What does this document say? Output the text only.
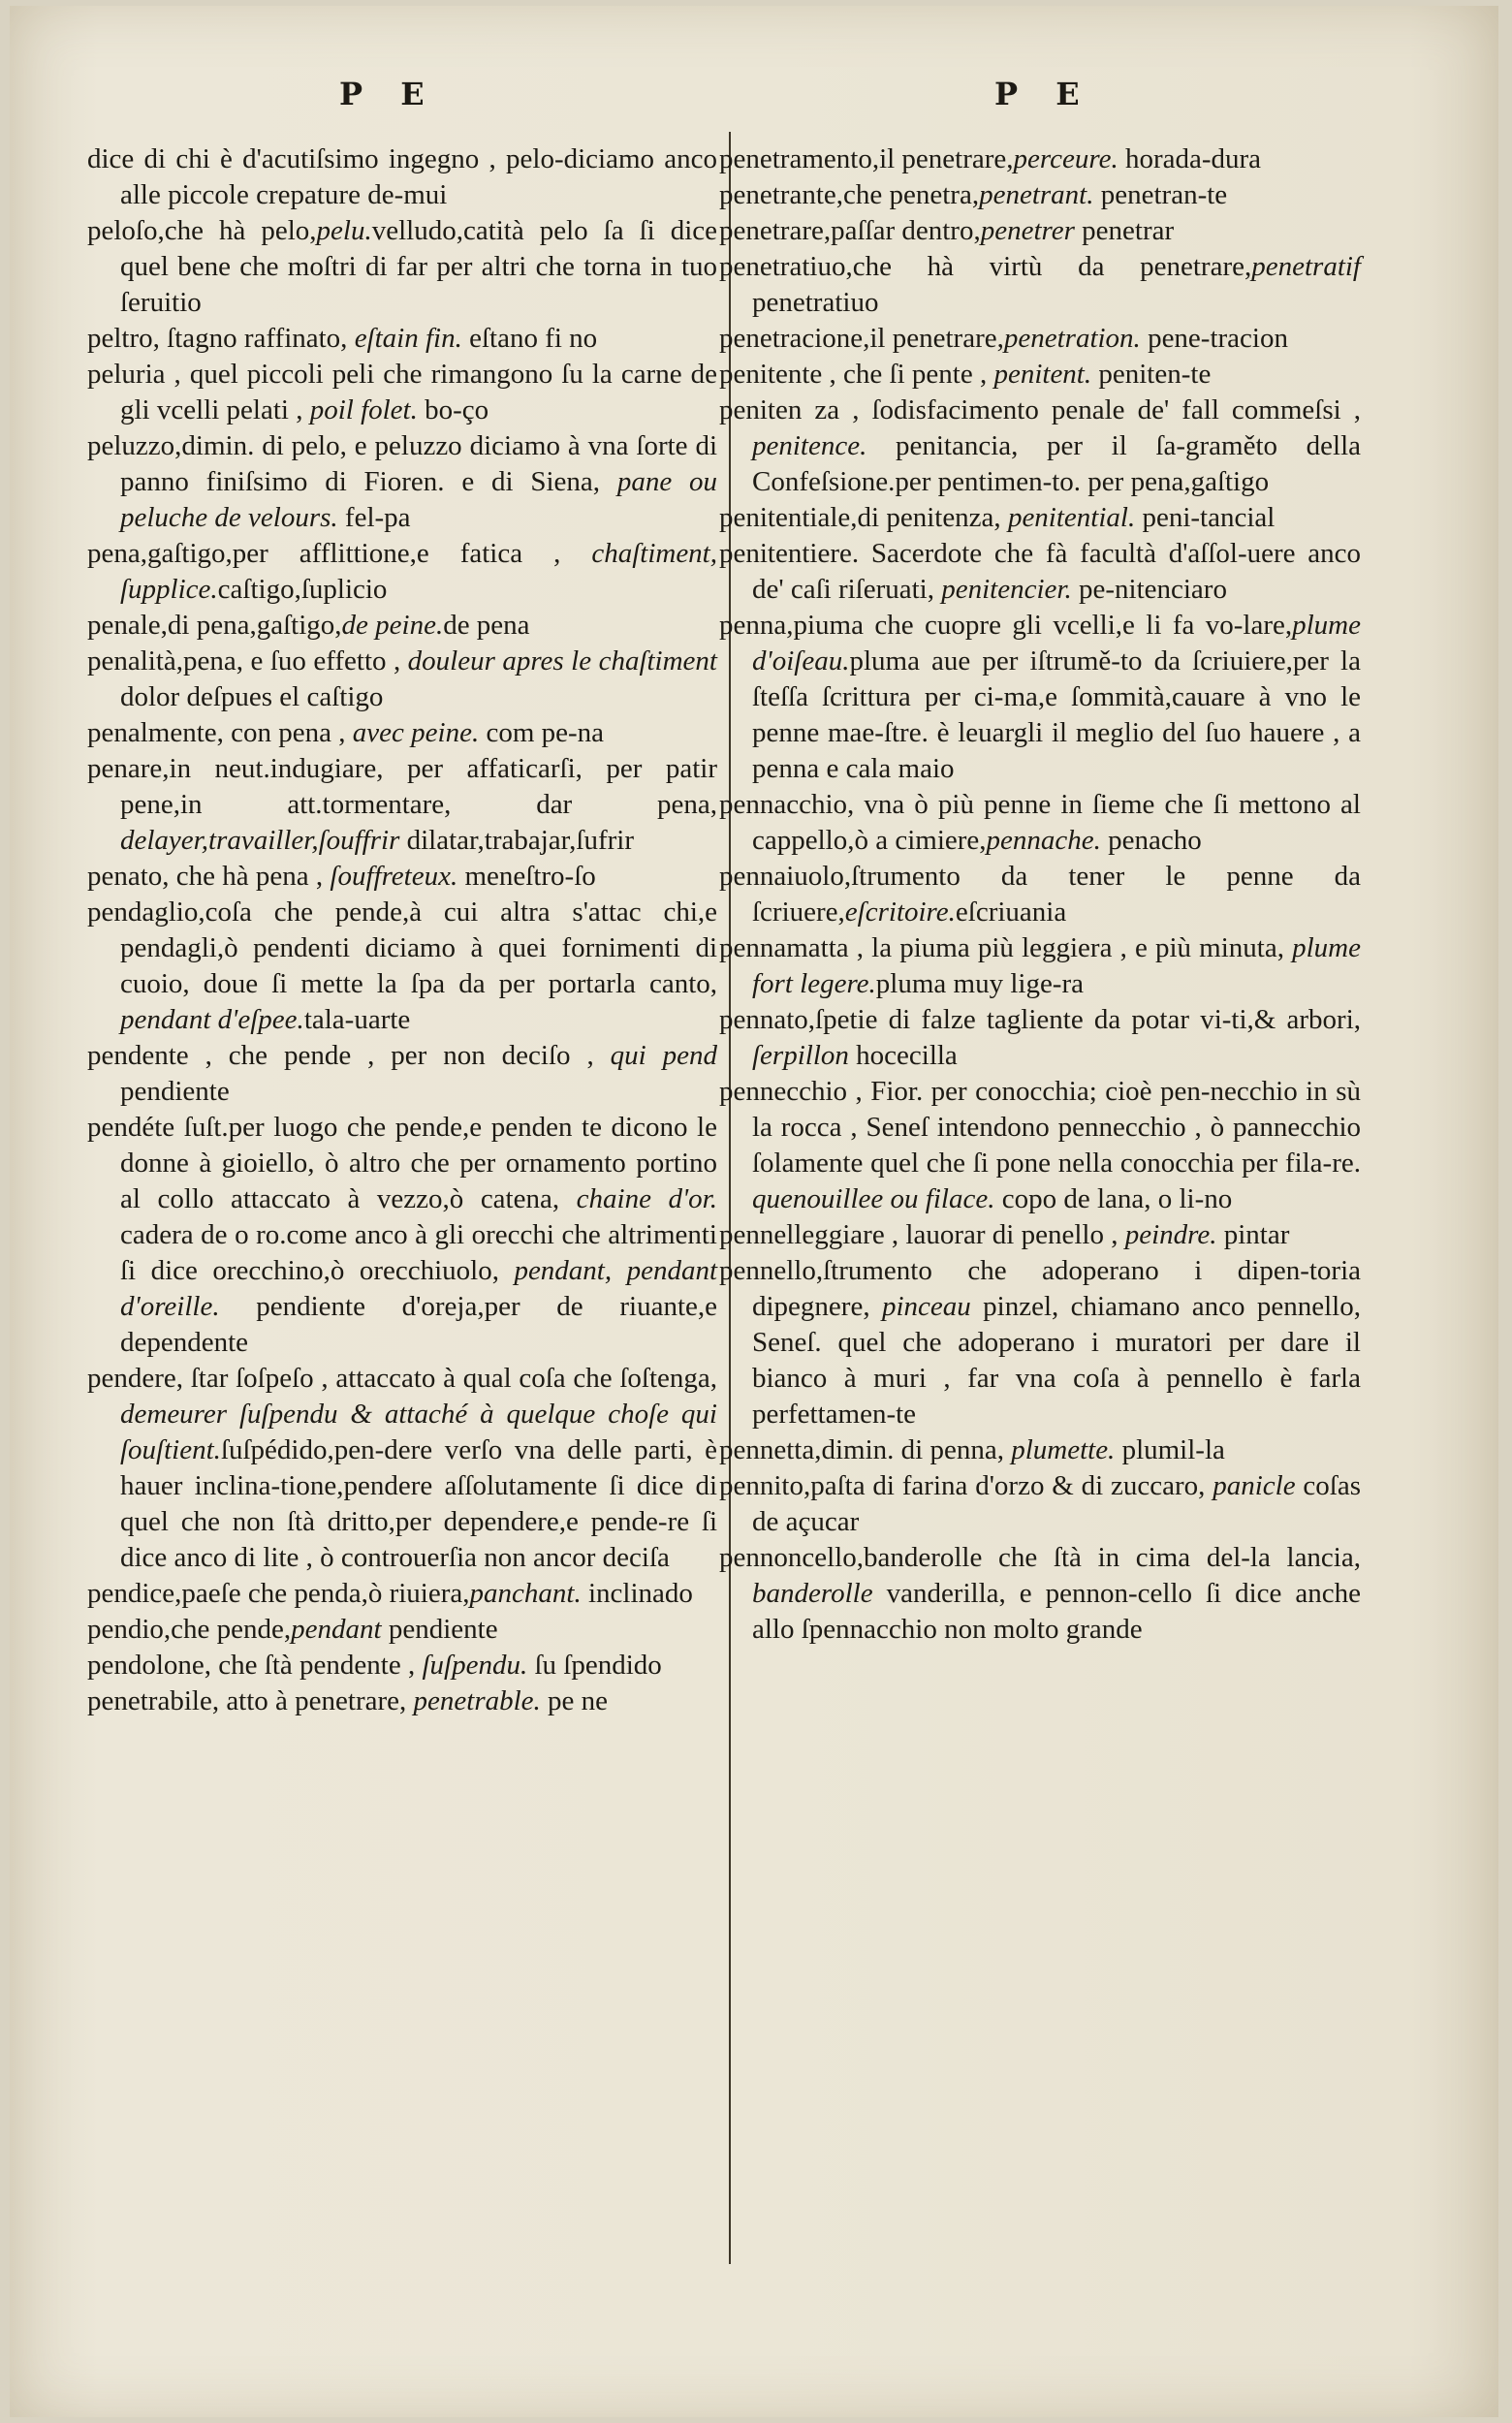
P E	P E

dice di chi è d'acutiſsimo ingegno , pelo-diciamo anco alle piccole crepature de-mui

peloſo,che hà pelo,pelu.velludo,catità pelo ſa ſi dice quel bene che moſtri di far per altri che torna in tuo ſeruitio

peltro, ſtagno raffinato, eſtain fin. eſtano fi no

peluria , quel piccoli peli che rimangono ſu la carne de gli vcelli pelati , poil folet. bo-ço

peluzzo,dimin. di pelo, e peluzzo diciamo à vna ſorte di panno finiſsimo di Fioren. e di Siena, pane ou peluche de velours. fel-pa

pena,gaſtigo,per afflittione,e fatica , chaſtiment, ſupplice.caſtigo,ſuplicio

penale,di pena,gaſtigo,de peine.de pena

penalità,pena, e ſuo effetto , douleur apres le chaſtiment dolor deſpues el caſtigo

penalmente, con pena , avec peine. com pe-na

penare,in neut.indugiare, per affaticarſi, per patir pene,in att.tormentare, dar pena, delayer,travailler,ſouffrir dilatar,trabajar,ſufrir

penato, che hà pena , ſouffreteux. meneſtro-ſo

pendaglio,coſa che pende,à cui altra s'attac chi,e pendagli,ò pendenti diciamo à quei fornimenti di cuoio, doue ſi mette la ſpa da per portarla canto, pendant d'eſpee.tala-uarte

pendente , che pende , per non deciſo , qui pend pendiente

pendéte ſuſt.per luogo che pende,e penden te dicono le donne à gioiello, ò altro che per ornamento portino al collo attaccato à vezzo,ò catena, chaine d'or. cadera de o ro.come anco à gli orecchi che altrimenti ſi dice orecchino,ò orecchiuolo, pendant, pendant d'oreille. pendiente d'oreja,per de riuante,e dependente

pendere, ſtar ſoſpeſo , attaccato à qual coſa che ſoſtenga, demeurer ſuſpendu & attaché à quelque choſe qui ſouſtient.ſuſpédido,pen-dere verſo vna delle parti, è hauer inclina-tione,pendere aſſolutamente ſi dice di quel che non ſtà dritto,per dependere,e pende-re ſi dice anco di lite , ò controuerſia non ancor deciſa

pendice,paeſe che penda,ò riuiera,panchant. inclinado

pendio,che pende,pendant pendiente

pendolone, che ſtà pendente , ſuſpendu. ſu ſpendido

penetrabile, atto à penetrare, penetrable. pe ne

penetramento,il penetrare,perceure. horada-dura

penetrante,che penetra,penetrant. penetran-te

penetrare,paſſar dentro,penetrer penetrar

penetratiuo,che hà virtù da penetrare,penetratif penetratiuo

penetracione,il penetrare,penetration. pene-tracion

penitente , che ſi pente , penitent. peniten-te

peniten za , ſodisfacimento penale de' fall commeſsi , penitence. penitancia, per il ſa-graměto della Confeſsione.per pentimen-to. per pena,gaſtigo

penitentiale,di penitenza, penitential. peni-tancial

penitentiere. Sacerdote che fà facultà d'aſſol-uere anco de' caſi riſeruati, penitencier. pe-nitenciaro

penna,piuma che cuopre gli vcelli,e li fa vo-lare,plume d'oiſeau.pluma aue per iſtrumě-to da ſcriuiere,per la ſteſſa ſcrittura per ci-ma,e ſommità,cauare à vno le penne mae-ſtre. è leuargli il meglio del ſuo hauere , a penna e cala maio

pennacchio, vna ò più penne in ſieme che ſi mettono al cappello,ò a cimiere,pennache. penacho

pennaiuolo,ſtrumento da tener le penne da ſcriuere,eſcritoire.eſcriuania

pennamatta , la piuma più leggiera , e più minuta, plume fort legere.pluma muy lige-ra

pennato,ſpetie di falze tagliente da potar vi-ti,& arbori, ſerpillon hocecilla

pennecchio , Fior. per conocchia; cioè pen-necchio in sù la rocca , Seneſ intendono pennecchio , ò pannecchio ſolamente quel che ſi pone nella conocchia per fila-re. quenouillee ou filace. copo de lana, o li-no

pennelleggiare , lauorar di penello , peindre. pintar

pennello,ſtrumento che adoperano i dipen-toria dipegnere, pinceau pinzel, chiamano anco pennello, Seneſ. quel che adoperano i muratori per dare il bianco à muri , far vna coſa à pennello è farla perfettamen-te

pennetta,dimin. di penna, plumette. plumil-la

pennito,paſta di farina d'orzo & di zuccaro, panicle coſas de açucar

pennoncello,banderolle che ſtà in cima del-la lancia, banderolle vanderilla, e pennon-cello ſi dice anche allo ſpennacchio non molto grande
